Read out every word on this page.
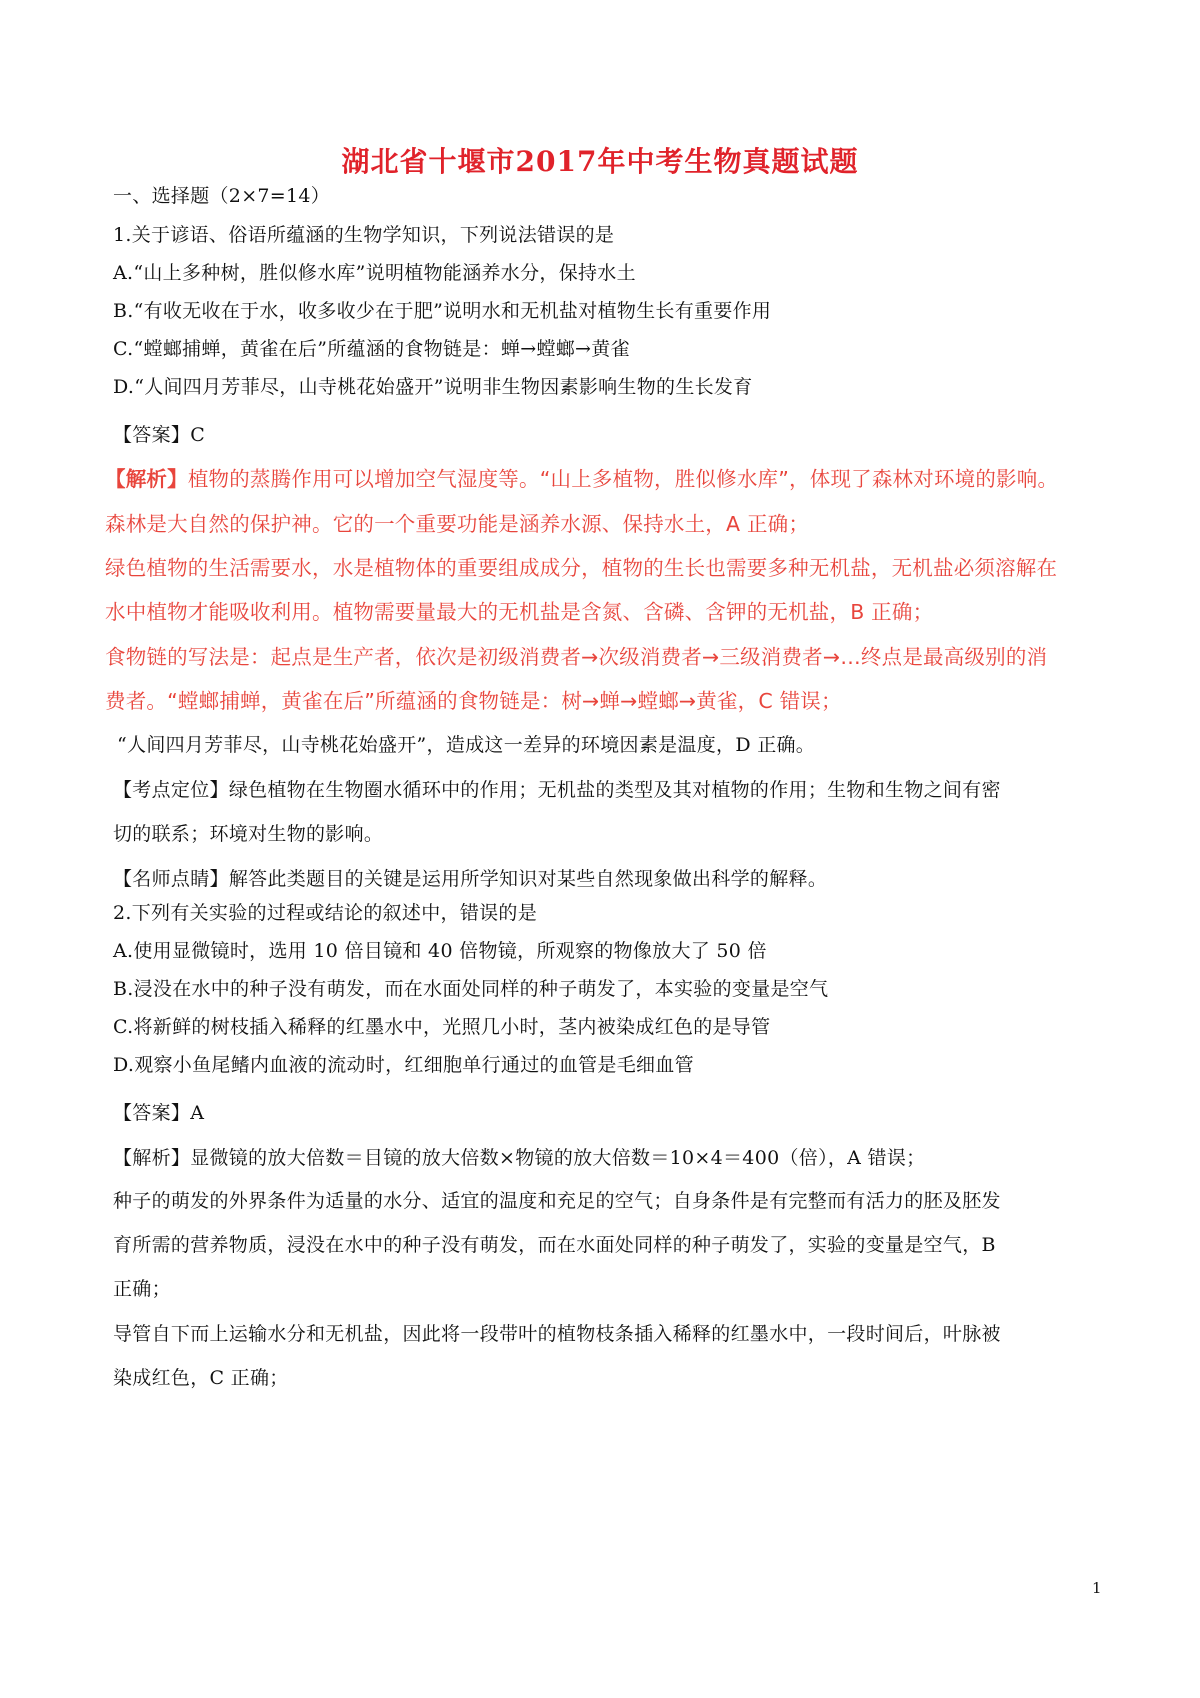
湖北省十堰市2017年中考生物真题试题
一、选择题（2×7=14）
1.关于谚语、俗语所蕴涵的生物学知识，下列说法错误的是
A.“山上多种树，胜似修水库”说明植物能涵养水分，保持水土
B.“有收无收在于水，收多收少在于肥”说明水和无机盐对植物生长有重要作用
C.“螳螂捕蝉，黄雀在后”所蕴涵的食物链是：蝉→螳螂→黄雀
D.“人间四月芳菲尽，山寺桃花始盛开”说明非生物因素影响生物的生长发育
【答案】C
【解析】植物的蒸腾作用可以增加空气湿度等。“山上多植物，胜似修水库”，体现了森林对环境的影响。
森林是大自然的保护神。它的一个重要功能是涵养水源、保持水土，A 正确；
绿色植物的生活需要水，水是植物体的重要组成成分，植物的生长也需要多种无机盐，无机盐必须溶解在
水中植物才能吸收利用。植物需要量最大的无机盐是含氮、含磷、含钾的无机盐，B 正确；
食物链的写法是：起点是生产者，依次是初级消费者→次级消费者→三级消费者→…终点是最高级别的消
费者。“螳螂捕蝉，黄雀在后”所蕴涵的食物链是：树→蝉→螳螂→黄雀，C 错误；
“人间四月芳菲尽，山寺桃花始盛开”，造成这一差异的环境因素是温度，D 正确。
【考点定位】绿色植物在生物圈水循环中的作用；无机盐的类型及其对植物的作用；生物和生物之间有密
切的联系；环境对生物的影响。
【名师点睛】解答此类题目的关键是运用所学知识对某些自然现象做出科学的解释。
2.下列有关实验的过程或结论的叙述中，错误的是
A.使用显微镜时，选用 10 倍目镜和 40 倍物镜，所观察的物像放大了 50 倍
B.浸没在水中的种子没有萌发，而在水面处同样的种子萌发了，本实验的变量是空气
C.将新鲜的树枝插入稀释的红墨水中，光照几小时，茎内被染成红色的是导管
D.观察小鱼尾鳍内血液的流动时，红细胞单行通过的血管是毛细血管
【答案】A
【解析】显微镜的放大倍数＝目镜的放大倍数×物镜的放大倍数＝10×4＝400（倍），A 错误；
种子的萌发的外界条件为适量的水分、适宜的温度和充足的空气；自身条件是有完整而有活力的胚及胚发
育所需的营养物质，浸没在水中的种子没有萌发，而在水面处同样的种子萌发了，实验的变量是空气，B
正确；
导管自下而上运输水分和无机盐，因此将一段带叶的植物枝条插入稀释的红墨水中，一段时间后，叶脉被
染成红色，C 正确；
1
